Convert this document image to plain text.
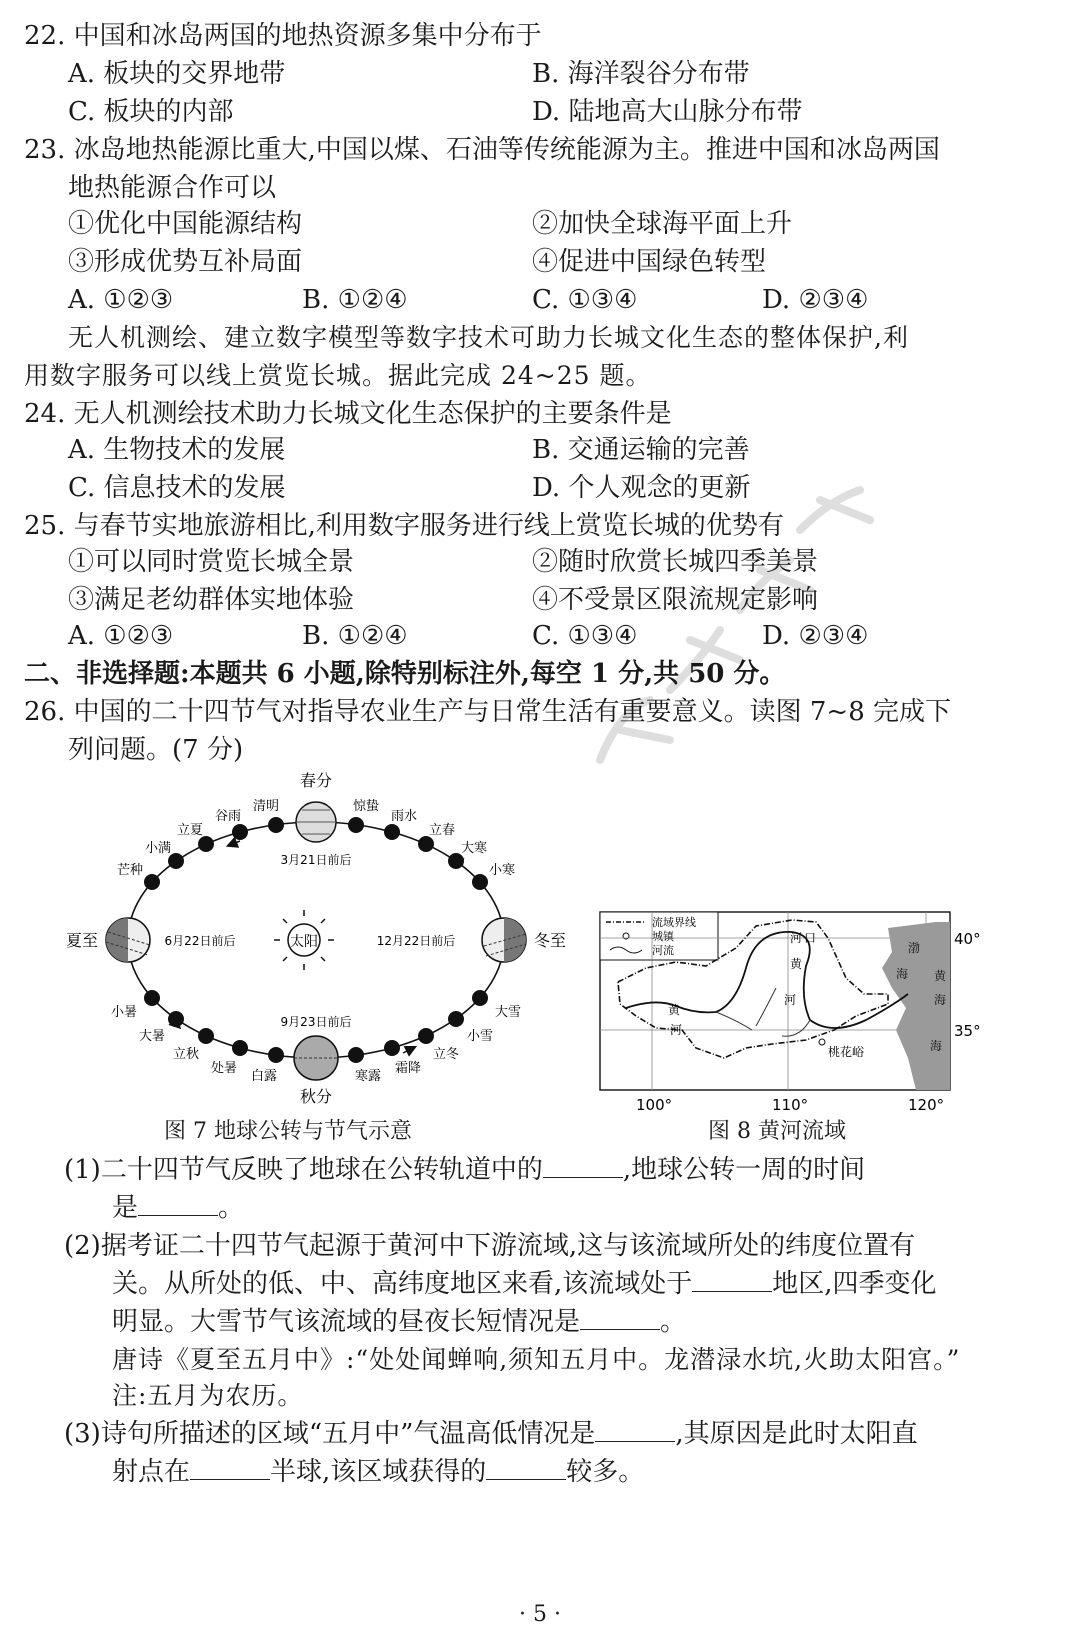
22. 中国和冰岛两国的地热资源多集中分布于
A. 板块的交界地带	B. 海洋裂谷分布带
C. 板块的内部	D. 陆地高大山脉分布带
23. 冰岛地热能源比重大,中国以煤、石油等传统能源为主。推进中国和冰岛两国
地热能源合作可以
①优化中国能源结构	②加快全球海平面上升
③形成优势互补局面	④促进中国绿色转型
A. ①②③	B. ①②④	C. ①③④	D. ②③④
无人机测绘、建立数字模型等数字技术可助力长城文化生态的整体保护,利
用数字服务可以线上赏览长城。据此完成 24~25 题。
24. 无人机测绘技术助力长城文化生态保护的主要条件是
A. 生物技术的发展	B. 交通运输的完善
C. 信息技术的发展	D. 个人观念的更新
25. 与春节实地旅游相比,利用数字服务进行线上赏览长城的优势有
①可以同时赏览长城全景	②随时欣赏长城四季美景
③满足老幼群体实地体验	④不受景区限流规定影响
A. ①②③	B. ①②④	C. ①③④	D. ②③④
二、非选择题:本题共 6 小题,除特别标注外,每空 1 分,共 50 分。
26. 中国的二十四节气对指导农业生产与日常生活有重要意义。读图 7~8 完成下
列问题。(7 分)
太阳
春分
夏至
秋分
冬至
3月21日前后
6月22日前后
9月23日前后
12月22日前后
芒种
小满
立夏
谷雨
清明	惊蛰
雨水
立春
大寒
小寒
小暑
大暑
立秋
处暑
白露	寒露
霜降
立冬
小雪
大雪
图 7 地球公转与节气示意
流域界线
城镇
河流
桃花峪
黄
河
黄
河
河 口
渤
海 黄
海
海
40°
35°
100°	110°	120°
图 8 黄河流域
(1)二十四节气反映了地球在公转轨道中的	,地球公转一周的时间
是	。
(2)据考证二十四节气起源于黄河中下游流域,这与该流域所处的纬度位置有
关。从所处的低、中、高纬度地区来看,该流域处于	地区,四季变化
明显。大雪节气该流域的昼夜长短情况是	。
唐诗《夏至五月中》:“处处闻蝉响,须知五月中。龙潜渌水坑,火助太阳宫。”
注:五月为农历。
(3)诗句所描述的区域“五月中”气温高低情况是	,其原因是此时太阳直
射点在	半球,该区域获得的	较多。
· 5 ·
